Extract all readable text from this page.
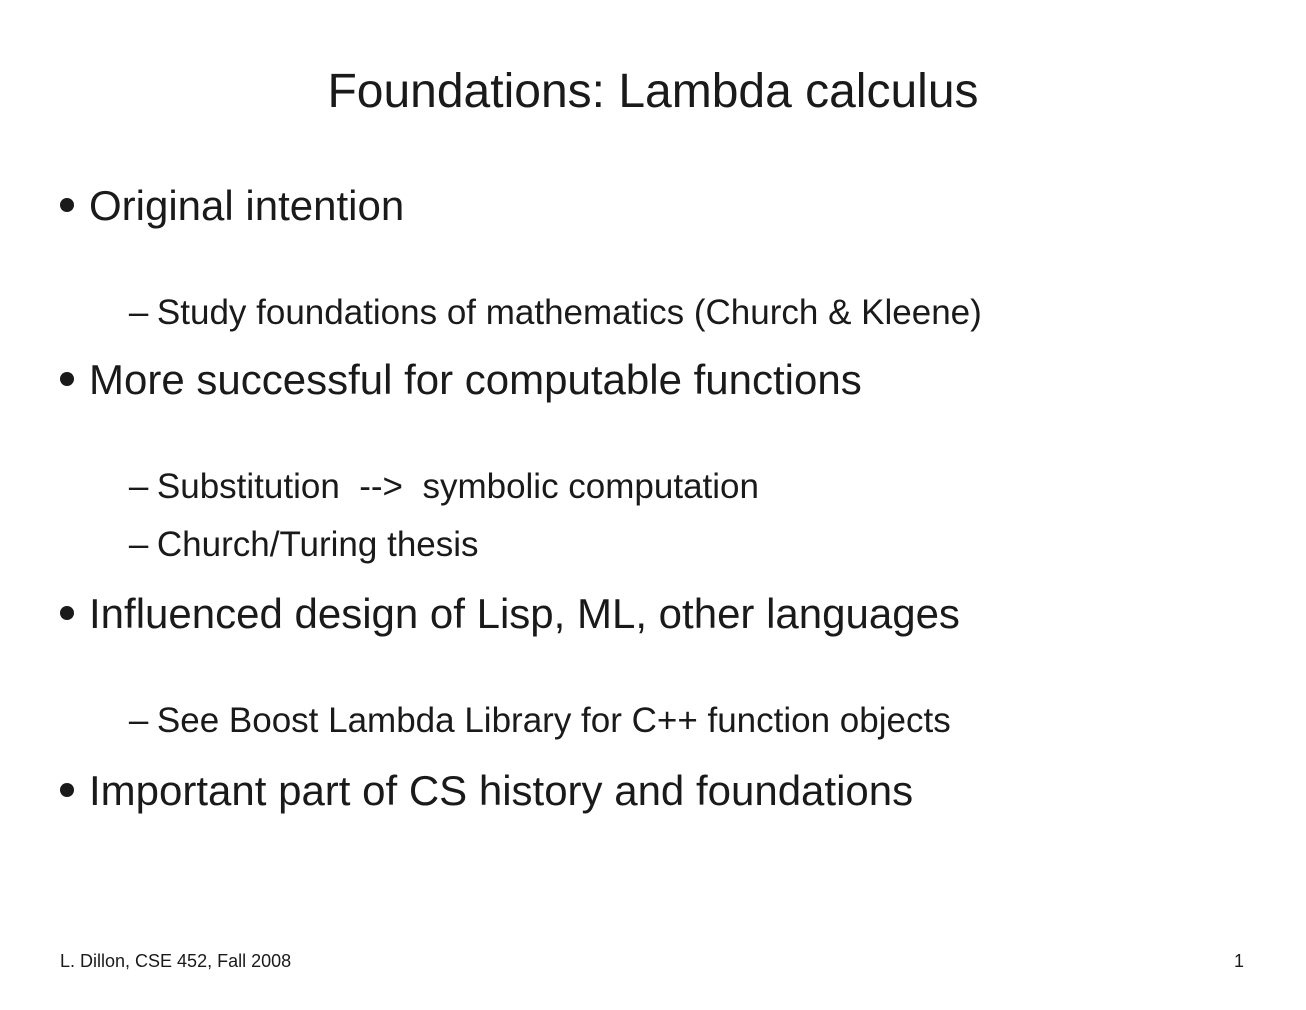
Foundations: Lambda calculus
Original intention

– Study foundations of mathematics (Church & Kleene)

More successful for computable functions

– Substitution  -->  symbolic computation

– Church/Turing thesis

Influenced design of Lisp, ML, other languages

– See Boost Lambda Library for C++ function objects

Important part of CS history and foundations
L. Dillon, CSE 452, Fall 2008	1
